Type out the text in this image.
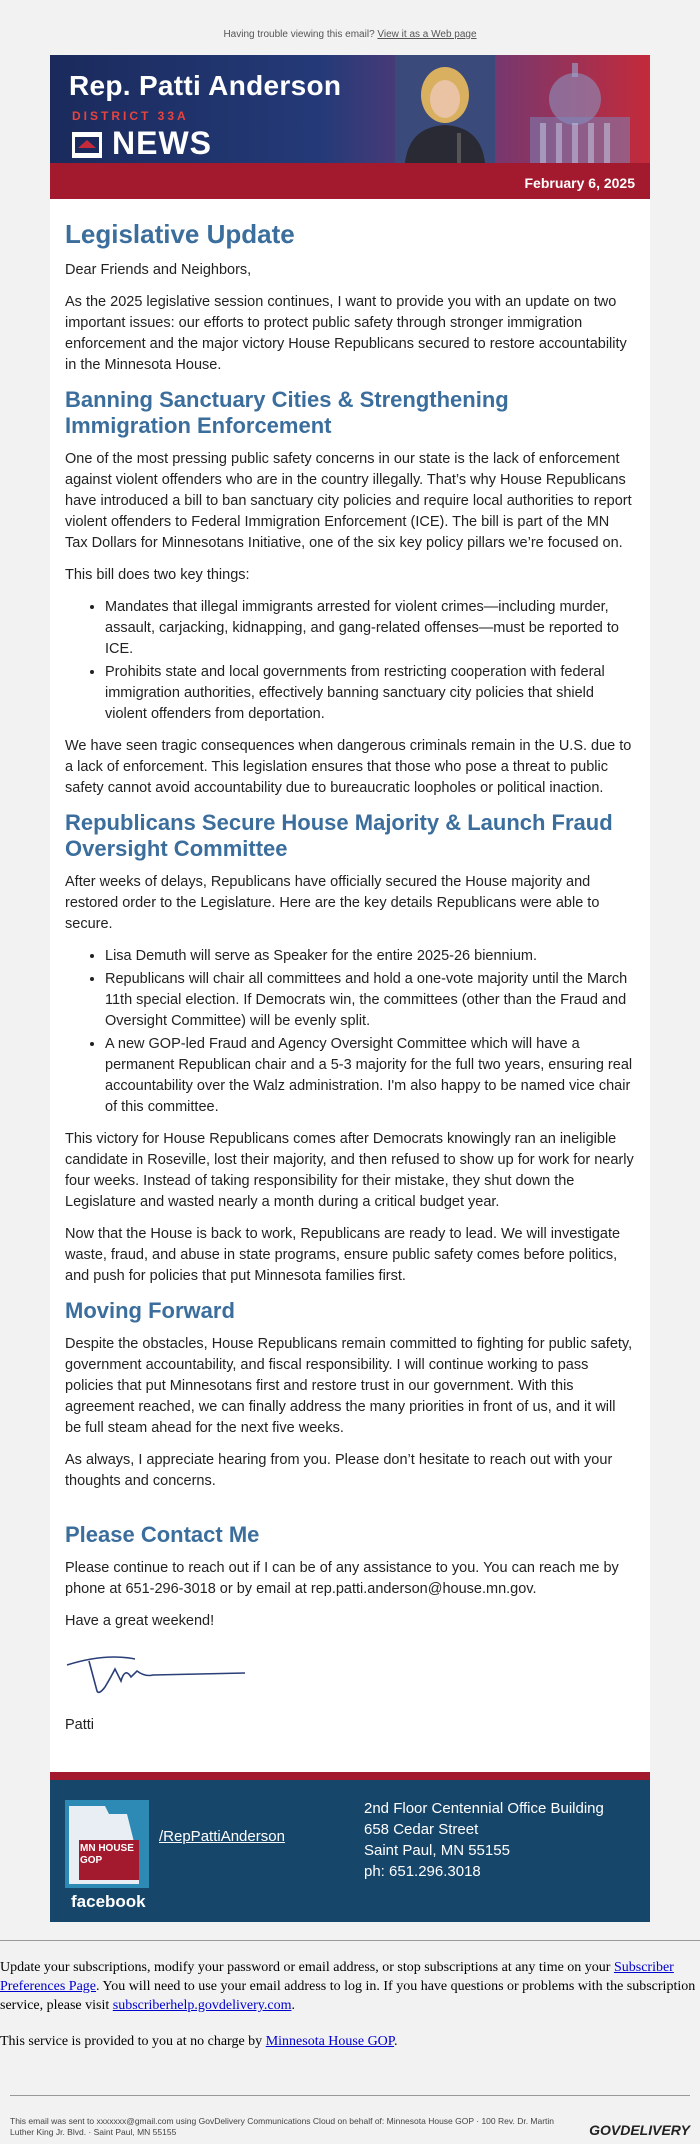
Having trouble viewing this email? View it as a Web page
Rep. Patti Anderson
DISTRICT 33A
NEWS
February 6, 2025
Legislative Update

Dear Friends and Neighbors,

As the 2025 legislative session continues, I want to provide you with an update on two important issues: our efforts to protect public safety through stronger immigration enforcement and the major victory House Republicans secured to restore accountability in the Minnesota House.

Banning Sanctuary Cities & Strengthening Immigration Enforcement

One of the most pressing public safety concerns in our state is the lack of enforcement against violent offenders who are in the country illegally. That’s why House Republicans have introduced a bill to ban sanctuary city policies and require local authorities to report violent offenders to Federal Immigration Enforcement (ICE). The bill is part of the MN Tax Dollars for Minnesotans Initiative, one of the six key policy pillars we’re focused on.

This bill does two key things:

• Mandates that illegal immigrants arrested for violent crimes—including murder, assault, carjacking, kidnapping, and gang-related offenses—must be reported to ICE.
• Prohibits state and local governments from restricting cooperation with federal immigration authorities, effectively banning sanctuary city policies that shield violent offenders from deportation.

We have seen tragic consequences when dangerous criminals remain in the U.S. due to a lack of enforcement. This legislation ensures that those who pose a threat to public safety cannot avoid accountability due to bureaucratic loopholes or political inaction.

Republicans Secure House Majority & Launch Fraud Oversight Committee

After weeks of delays, Republicans have officially secured the House majority and restored order to the Legislature. Here are the key details Republicans were able to secure.

• Lisa Demuth will serve as Speaker for the entire 2025-26 biennium.
• Republicans will chair all committees and hold a one-vote majority until the March 11th special election. If Democrats win, the committees (other than the Fraud and Oversight Committee) will be evenly split.
• A new GOP-led Fraud and Agency Oversight Committee which will have a permanent Republican chair and a 5-3 majority for the full two years, ensuring real accountability over the Walz administration. I'm also happy to be named vice chair of this committee.

This victory for House Republicans comes after Democrats knowingly ran an ineligible candidate in Roseville, lost their majority, and then refused to show up for work for nearly four weeks. Instead of taking responsibility for their mistake, they shut down the Legislature and wasted nearly a month during a critical budget year.

Now that the House is back to work, Republicans are ready to lead. We will investigate waste, fraud, and abuse in state programs, ensure public safety comes before politics, and push for policies that put Minnesota families first.

Moving Forward

Despite the obstacles, House Republicans remain committed to fighting for public safety, government accountability, and fiscal responsibility. I will continue working to pass policies that put Minnesotans first and restore trust in our government. With this agreement reached, we can finally address the many priorities in front of us, and it will be full steam ahead for the next five weeks.

As always, I appreciate hearing from you. Please don’t hesitate to reach out with your thoughts and concerns.

Please Contact Me

Please continue to reach out if I can be of any assistance to you. You can reach me by phone at 651-296-3018 or by email at rep.patti.anderson@house.mn.gov.

Have a great weekend!

Patti

MN HOUSE GOP
facebook
/RepPattiAnderson
2nd Floor Centennial Office Building
658 Cedar Street
Saint Paul, MN 55155
ph: 651.296.3018

Update your subscriptions, modify your password or email address, or stop subscriptions at any time on your Subscriber Preferences Page. You will need to use your email address to log in. If you have questions or problems with the subscription service, please visit subscriberhelp.govdelivery.com.

This service is provided to you at no charge by Minnesota House GOP.

This email was sent to xxxxxxx@gmail.com using GovDelivery Communications Cloud on behalf of: Minnesota House GOP · 100 Rev. Dr. Martin Luther King Jr. Blvd. · Saint Paul, MN 55155	GOVDELIVERY
